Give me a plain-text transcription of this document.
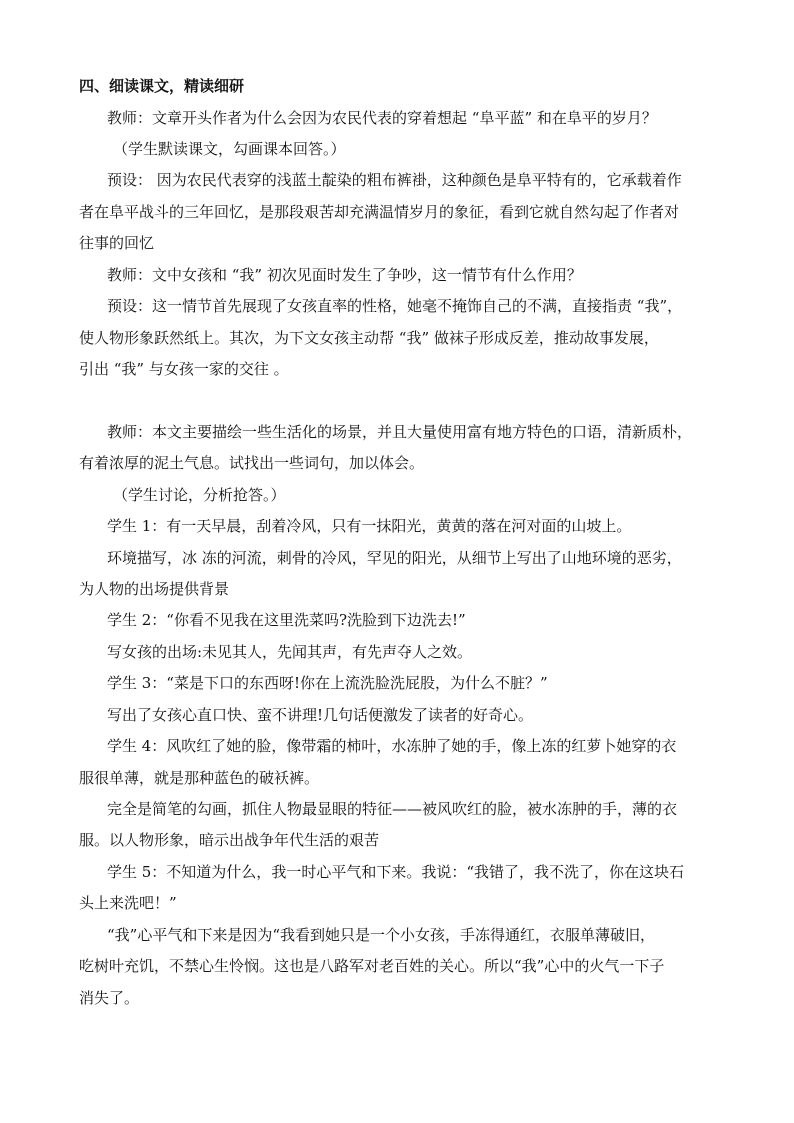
四、细读课文，精读细研
教师：文章开头作者为什么会因为农民代表的穿着想起 “阜平蓝” 和在阜平的岁月？
（学生默读课文，勾画课本回答。）
预设： 因为农民代表穿的浅蓝土靛染的粗布裤褂，这种颜色是阜平特有的，它承载着作
者在阜平战斗的三年回忆，是那段艰苦却充满温情岁月的象征，看到它就自然勾起了作者对
往事的回忆
教师：文中女孩和 “我” 初次见面时发生了争吵，这一情节有什么作用？
预设：这一情节首先展现了女孩直率的性格，她毫不掩饰自己的不满，直接指责 “我”，
使人物形象跃然纸上。其次，为下文女孩主动帮 “我” 做袜子形成反差，推动故事发展，
引出 “我” 与女孩一家的交往 。
教师：本文主要描绘一些生活化的场景，并且大量使用富有地方特色的口语，清新质朴，
有着浓厚的泥土气息。试找出一些词句，加以体会。
（学生讨论，分析抢答。）
学生 1：有一天早晨，刮着冷风，只有一抹阳光，黄黄的落在河对面的山坡上。
环境描写，冰 冻的河流，刺骨的冷风，罕见的阳光，从细节上写出了山地环境的恶劣，
为人物的出场提供背景
学生 2：“你看不见我在这里洗菜吗?洗脸到下边洗去!”
写女孩的出场:未见其人，先闻其声，有先声夺人之效。
学生 3：“菜是下口的东西呀!你在上流洗脸洗屁股，为什么不脏？”
写出了女孩心直口快、蛮不讲理!几句话便激发了读者的好奇心。
学生 4：风吹红了她的脸，像带霜的柿叶，水冻肿了她的手，像上冻的红萝卜她穿的衣
服很单薄，就是那种蓝色的破袄裤。
完全是简笔的勾画，抓住人物最显眼的特征——被风吹红的脸，被水冻肿的手，薄的衣
服。以人物形象，暗示出战争年代生活的艰苦
学生 5：不知道为什么，我一时心平气和下来。我说：“我错了，我不洗了，你在这块石
头上来洗吧！”
“我”心平气和下来是因为“我看到她只是一个小女孩，手冻得通红，衣服单薄破旧，
吃树叶充饥，不禁心生怜悯。这也是八路军对老百姓的关心。所以“我”心中的火气一下子
消失了。
